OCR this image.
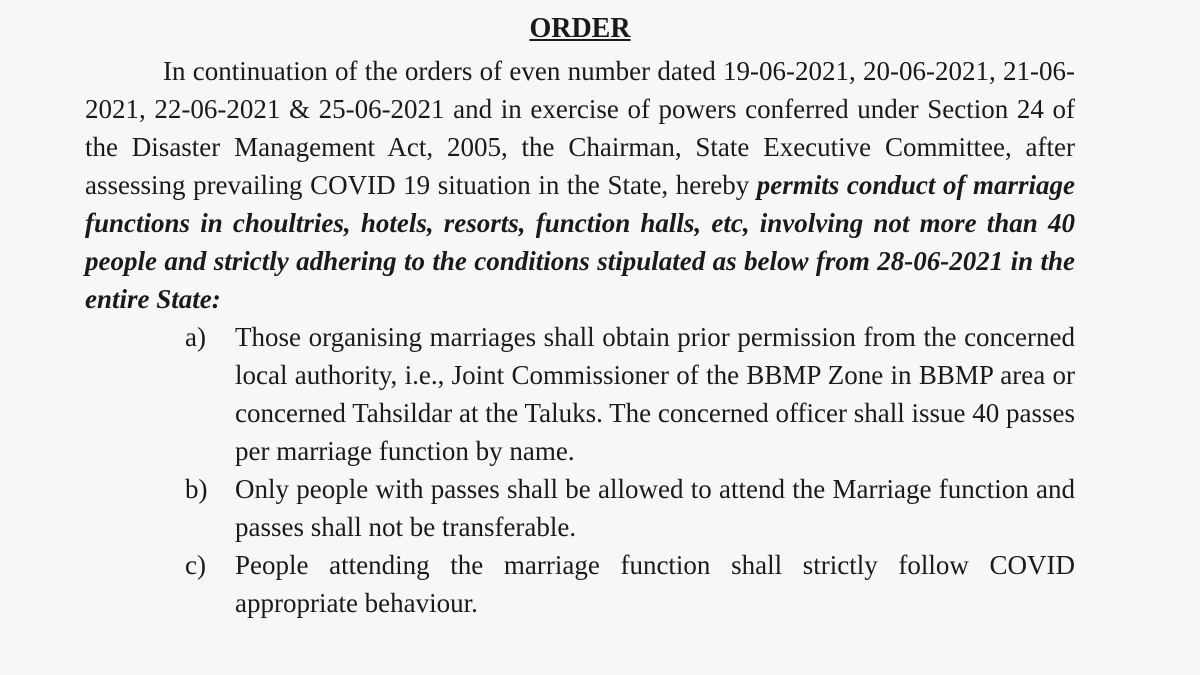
ORDER

In continuation of the orders of even number dated 19-06-2021, 20-06-2021, 21-06-2021, 22-06-2021 & 25-06-2021 and in exercise of powers conferred under Section 24 of the Disaster Management Act, 2005, the Chairman, State Executive Committee, after assessing prevailing COVID 19 situation in the State, hereby permits conduct of marriage functions in choultries, hotels, resorts, function halls, etc, involving not more than 40 people and strictly adhering to the conditions stipulated as below from 28-06-2021 in the entire State:

a)	Those organising marriages shall obtain prior permission from the concerned local authority, i.e., Joint Commissioner of the BBMP Zone in BBMP area or concerned Tahsildar at the Taluks. The concerned officer shall issue 40 passes per marriage function by name.
b)	Only people with passes shall be allowed to attend the Marriage function and passes shall not be transferable.
c)	People attending the marriage function shall strictly follow COVID appropriate behaviour.
